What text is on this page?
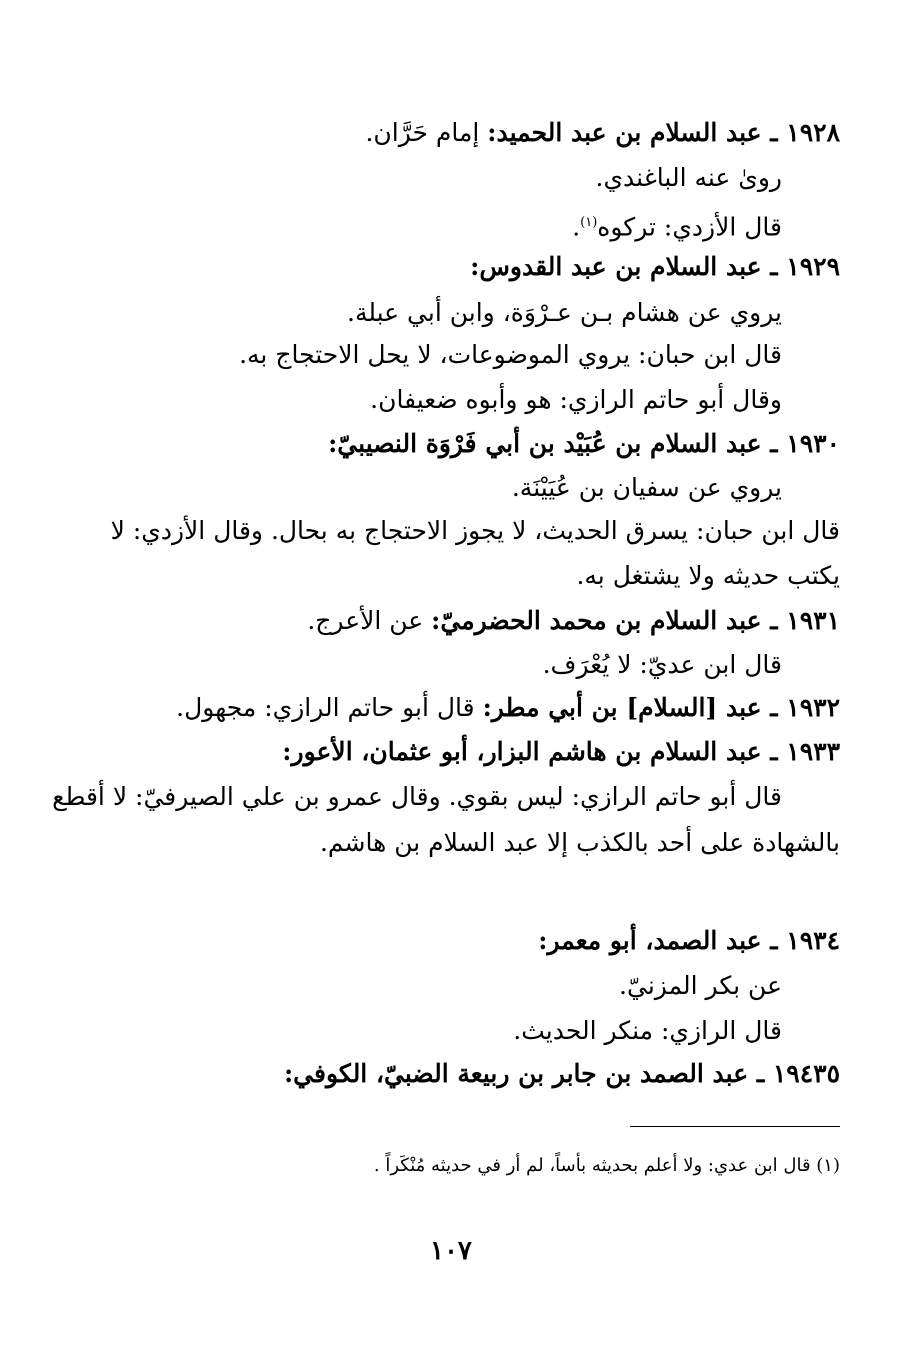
١٩٢٨ ـ عبد السلام بن عبد الحميد: إمام حَرَّان.
روىٰ عنه الباغندي.
قال الأزدي: تركوه$^{(١)}$.
١٩٢٩ ـ عبد السلام بن عبد القدوس:
يروي عن هشام بـن عـرْوَة، وابن أبي عبلة.
قال ابن حبان: يروي الموضوعات، لا يحل الاحتجاج به.
وقال أبو حاتم الرازي: هو وأبوه ضعيفان.
١٩٣٠ ـ عبد السلام بن عُبَيْد بن أبي فَرْوَة النصيبيّ:
يروي عن سفيان بن عُيَيْنَة.
قال ابن حبان: يسرق الحديث، لا يجوز الاحتجاج به بحال. وقال الأزدي: لا
يكتب حديثه ولا يشتغل به.
١٩٣١ ـ عبد السلام بن محمد الحضرميّ: عن الأعرج.
قال ابن عديّ: لا يُعْرَف.
١٩٣٢ ـ عبد [السلام] بن أبي مطر: قال أبو حاتم الرازي: مجهول.
١٩٣٣ ـ عبد السلام بن هاشم البزار، أبو عثمان، الأعور:
قال أبو حاتم الرازي: ليس بقوي. وقال عمرو بن علي الصيرفيّ: لا أقطع
بالشهادة على أحد بالكذب إلا عبد السلام بن هاشم.
١٩٣٤ ـ عبد الصمد، أبو معمر:
عن بكر المزنيّ.
قال الرازي: منكر الحديث.
١٩٤٣٥ ـ عبد الصمد بن جابر بن ربيعة الضبيّ، الكوفي:
(١) قال ابن عدي: ولا أعلم بحديثه بأساً، لم أر في حديثه مُنْكَراً .
١٠٧
